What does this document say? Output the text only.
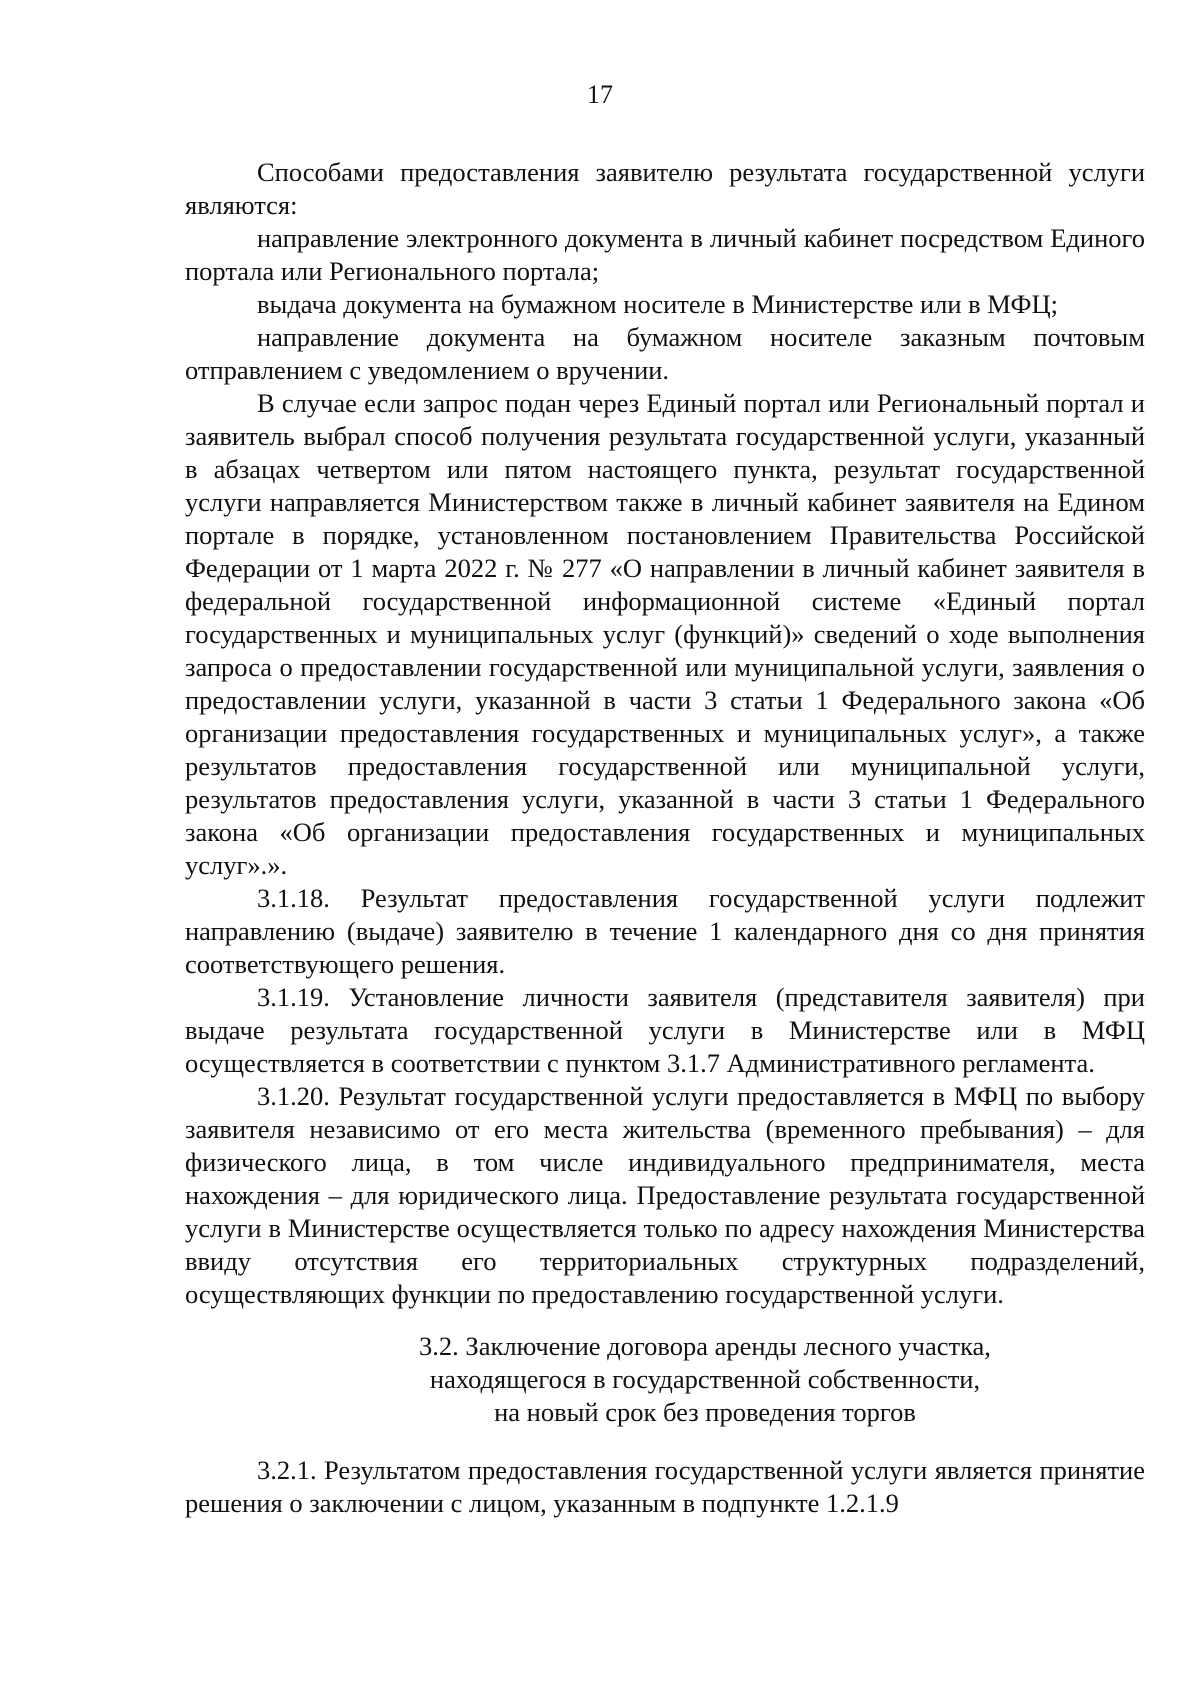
17

Способами предоставления заявителю результата государственной услуги являются:

направление электронного документа в личный кабинет посредством Единого портала или Регионального портала;

выдача документа на бумажном носителе в Министерстве или в МФЦ;

направление документа на бумажном носителе заказным почтовым отправлением с уведомлением о вручении.

В случае если запрос подан через Единый портал или Региональный портал и заявитель выбрал способ получения результата государственной услуги, указанный в абзацах четвертом или пятом настоящего пункта, результат государственной услуги направляется Министерством также в личный кабинет заявителя на Едином портале в порядке, установленном постановлением Правительства Российской Федерации от 1 марта 2022 г. № 277 «О направлении в личный кабинет заявителя в федеральной государственной информационной системе «Единый портал государственных и муниципальных услуг (функций)» сведений о ходе выполнения запроса о предоставлении государственной или муниципальной услуги, заявления о предоставлении услуги, указанной в части 3 статьи 1 Федерального закона «Об организации предоставления государственных и муниципальных услуг», а также результатов предоставления государственной или муниципальной услуги, результатов предоставления услуги, указанной в части 3 статьи 1 Федерального закона «Об организации предоставления государственных и муниципальных услуг».».

3.1.18. Результат предоставления государственной услуги подлежит направлению (выдаче) заявителю в течение 1 календарного дня со дня принятия соответствующего решения.

3.1.19. Установление личности заявителя (представителя заявителя) при выдаче результата государственной услуги в Министерстве или в МФЦ осуществляется в соответствии с пунктом 3.1.7 Административного регламента.

3.1.20. Результат государственной услуги предоставляется в МФЦ по выбору заявителя независимо от его места жительства (временного пребывания) – для физического лица, в том числе индивидуального предпринимателя, места нахождения – для юридического лица. Предоставление результата государственной услуги в Министерстве осуществляется только по адресу нахождения Министерства ввиду отсутствия его территориальных структурных подразделений, осуществляющих функции по предоставлению государственной услуги.

3.2. Заключение договора аренды лесного участка,
находящегося в государственной собственности,
на новый срок без проведения торгов

3.2.1. Результатом предоставления государственной услуги является принятие решения о заключении с лицом, указанным в подпункте 1.2.1.9
